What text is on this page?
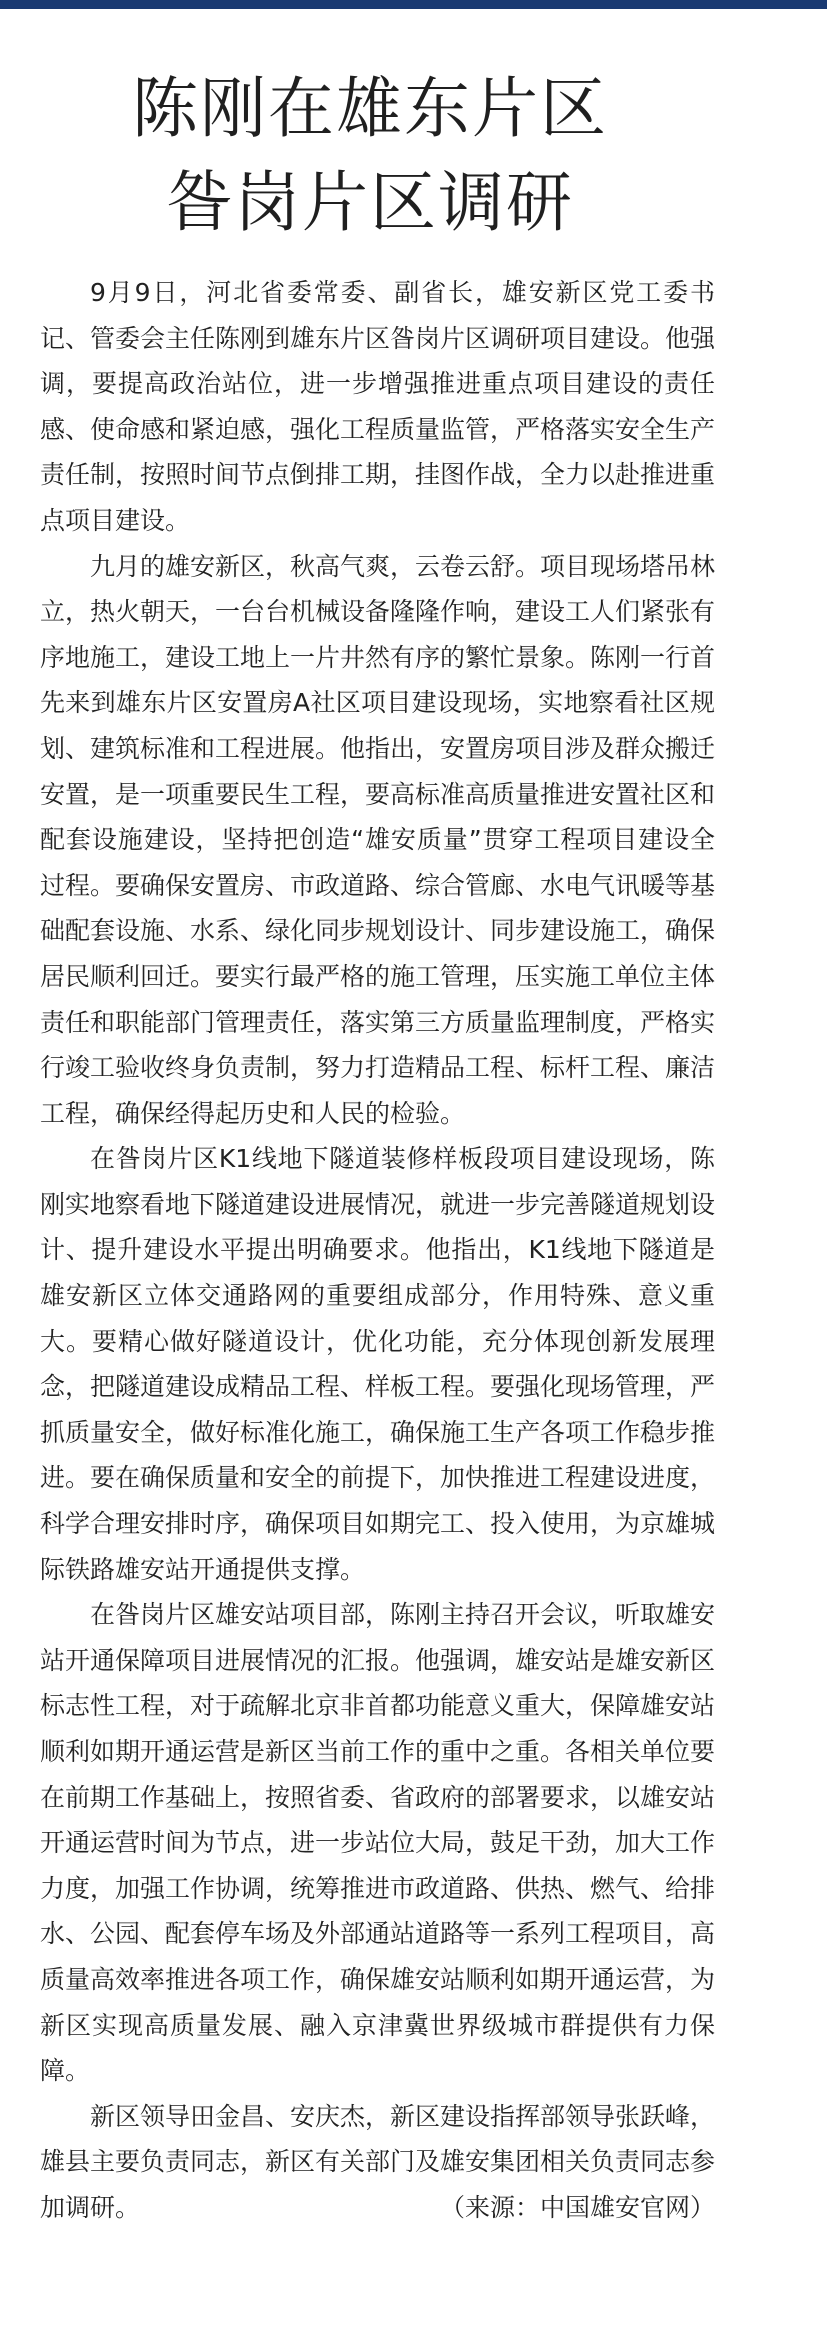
陈刚在雄东片区
昝岗片区调研

9月9日，河北省委常委、副省长，雄安新区党工委书记、管委会主任陈刚到雄东片区昝岗片区调研项目建设。他强调，要提高政治站位，进一步增强推进重点项目建设的责任感、使命感和紧迫感，强化工程质量监管，严格落实安全生产责任制，按照时间节点倒排工期，挂图作战，全力以赴推进重点项目建设。

九月的雄安新区，秋高气爽，云卷云舒。项目现场塔吊林立，热火朝天，一台台机械设备隆隆作响，建设工人们紧张有序地施工，建设工地上一片井然有序的繁忙景象。陈刚一行首先来到雄东片区安置房A社区项目建设现场，实地察看社区规划、建筑标准和工程进展。他指出，安置房项目涉及群众搬迁安置，是一项重要民生工程，要高标准高质量推进安置社区和配套设施建设，坚持把创造“雄安质量”贯穿工程项目建设全过程。要确保安置房、市政道路、综合管廊、水电气讯暖等基础配套设施、水系、绿化同步规划设计、同步建设施工，确保居民顺利回迁。要实行最严格的施工管理，压实施工单位主体责任和职能部门管理责任，落实第三方质量监理制度，严格实行竣工验收终身负责制，努力打造精品工程、标杆工程、廉洁工程，确保经得起历史和人民的检验。

在昝岗片区K1线地下隧道装修样板段项目建设现场，陈刚实地察看地下隧道建设进展情况，就进一步完善隧道规划设计、提升建设水平提出明确要求。他指出，K1线地下隧道是雄安新区立体交通路网的重要组成部分，作用特殊、意义重大。要精心做好隧道设计，优化功能，充分体现创新发展理念，把隧道建设成精品工程、样板工程。要强化现场管理，严抓质量安全，做好标准化施工，确保施工生产各项工作稳步推进。要在确保质量和安全的前提下，加快推进工程建设进度，科学合理安排时序，确保项目如期完工、投入使用，为京雄城际铁路雄安站开通提供支撑。

在昝岗片区雄安站项目部，陈刚主持召开会议，听取雄安站开通保障项目进展情况的汇报。他强调，雄安站是雄安新区标志性工程，对于疏解北京非首都功能意义重大，保障雄安站顺利如期开通运营是新区当前工作的重中之重。各相关单位要在前期工作基础上，按照省委、省政府的部署要求，以雄安站开通运营时间为节点，进一步站位大局，鼓足干劲，加大工作力度，加强工作协调，统筹推进市政道路、供热、燃气、给排水、公园、配套停车场及外部通站道路等一系列工程项目，高质量高效率推进各项工作，确保雄安站顺利如期开通运营，为新区实现高质量发展、融入京津冀世界级城市群提供有力保障。

新区领导田金昌、安庆杰，新区建设指挥部领导张跃峰，雄县主要负责同志，新区有关部门及雄安集团相关负责同志参加调研。	（来源：中国雄安官网）
